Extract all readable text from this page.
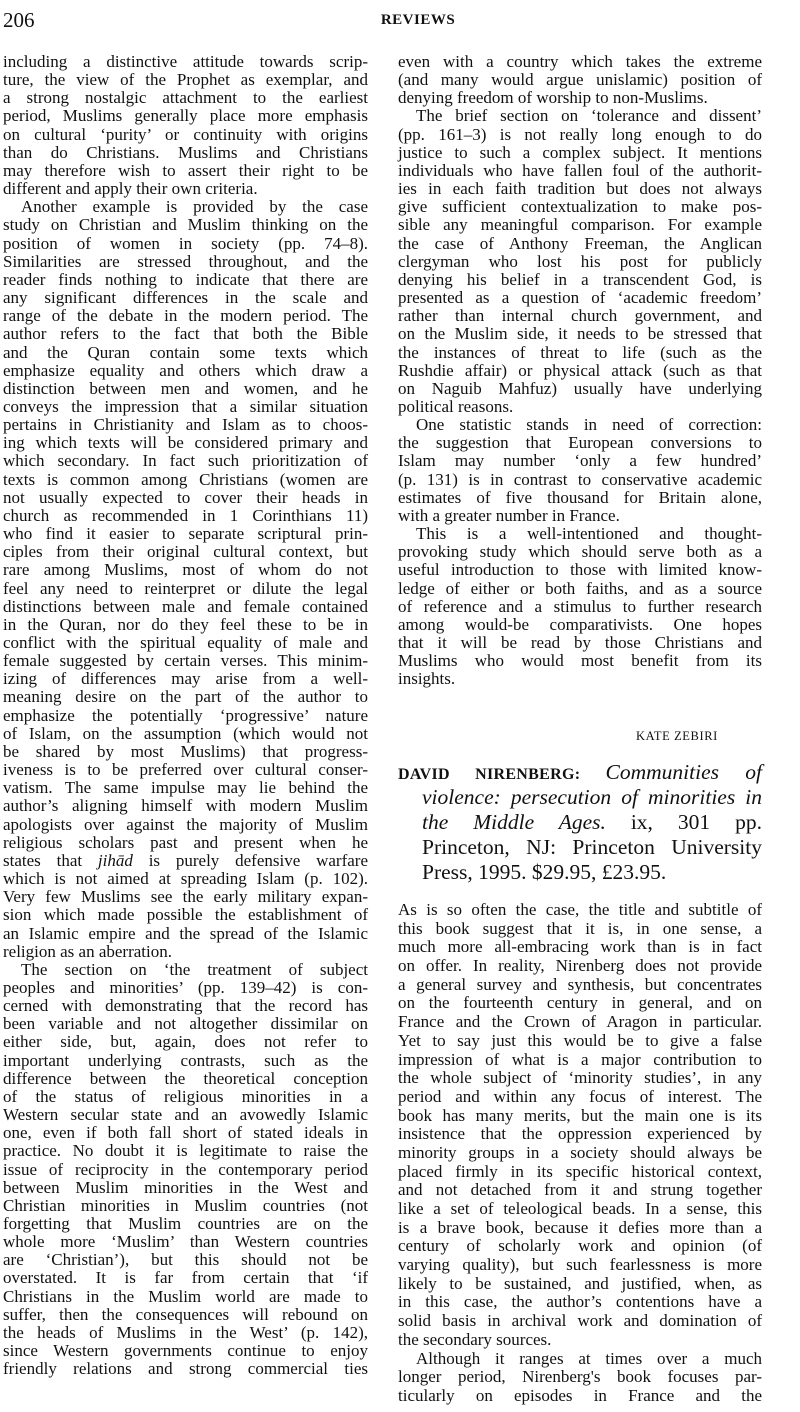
206	REVIEWS
including a distinctive attitude towards scrip-
ture, the view of the Prophet as exemplar, and
a strong nostalgic attachment to the earliest
period, Muslims generally place more emphasis
on cultural ‘purity’ or continuity with origins
than do Christians. Muslims and Christians
may therefore wish to assert their right to be
different and apply their own criteria.
Another example is provided by the case
study on Christian and Muslim thinking on the
position of women in society (pp. 74–8).
Similarities are stressed throughout, and the
reader finds nothing to indicate that there are
any significant differences in the scale and
range of the debate in the modern period. The
author refers to the fact that both the Bible
and the Quran contain some texts which
emphasize equality and others which draw a
distinction between men and women, and he
conveys the impression that a similar situation
pertains in Christianity and Islam as to choos-
ing which texts will be considered primary and
which secondary. In fact such prioritization of
texts is common among Christians (women are
not usually expected to cover their heads in
church as recommended in 1 Corinthians 11)
who find it easier to separate scriptural prin-
ciples from their original cultural context, but
rare among Muslims, most of whom do not
feel any need to reinterpret or dilute the legal
distinctions between male and female contained
in the Quran, nor do they feel these to be in
conflict with the spiritual equality of male and
female suggested by certain verses. This minim-
izing of differences may arise from a well-
meaning desire on the part of the author to
emphasize the potentially ‘progressive’ nature
of Islam, on the assumption (which would not
be shared by most Muslims) that progress-
iveness is to be preferred over cultural conser-
vatism. The same impulse may lie behind the
author’s aligning himself with modern Muslim
apologists over against the majority of Muslim
religious scholars past and present when he
states that jihād is purely defensive warfare
which is not aimed at spreading Islam (p. 102).
Very few Muslims see the early military expan-
sion which made possible the establishment of
an Islamic empire and the spread of the Islamic
religion as an aberration.
The section on ‘the treatment of subject
peoples and minorities’ (pp. 139–42) is con-
cerned with demonstrating that the record has
been variable and not altogether dissimilar on
either side, but, again, does not refer to
important underlying contrasts, such as the
difference between the theoretical conception
of the status of religious minorities in a
Western secular state and an avowedly Islamic
one, even if both fall short of stated ideals in
practice. No doubt it is legitimate to raise the
issue of reciprocity in the contemporary period
between Muslim minorities in the West and
Christian minorities in Muslim countries (not
forgetting that Muslim countries are on the
whole more ‘Muslim’ than Western countries
are ‘Christian’), but this should not be
overstated. It is far from certain that ‘if
Christians in the Muslim world are made to
suffer, then the consequences will rebound on
the heads of Muslims in the West’ (p. 142),
since Western governments continue to enjoy
friendly relations and strong commercial ties
even with a country which takes the extreme
(and many would argue unislamic) position of
denying freedom of worship to non-Muslims.
The brief section on ‘tolerance and dissent’
(pp. 161–3) is not really long enough to do
justice to such a complex subject. It mentions
individuals who have fallen foul of the authorit-
ies in each faith tradition but does not always
give sufficient contextualization to make pos-
sible any meaningful comparison. For example
the case of Anthony Freeman, the Anglican
clergyman who lost his post for publicly
denying his belief in a transcendent God, is
presented as a question of ‘academic freedom’
rather than internal church government, and
on the Muslim side, it needs to be stressed that
the instances of threat to life (such as the
Rushdie affair) or physical attack (such as that
on Naguib Mahfuz) usually have underlying
political reasons.
One statistic stands in need of correction:
the suggestion that European conversions to
Islam may number ‘only a few hundred’
(p. 131) is in contrast to conservative academic
estimates of five thousand for Britain alone,
with a greater number in France.
This is a well-intentioned and thought-
provoking study which should serve both as a
useful introduction to those with limited know-
ledge of either or both faiths, and as a source
of reference and a stimulus to further research
among would-be comparativists. One hopes
that it will be read by those Christians and
Muslims who would most benefit from its
insights.
KATE ZEBIRI
DAVID NIRENBERG: Communities of
violence: persecution of minorities in
the Middle Ages. ix, 301 pp.
Princeton, NJ: Princeton University
Press, 1995. $29.95, £23.95.
As is so often the case, the title and subtitle of
this book suggest that it is, in one sense, a
much more all-embracing work than is in fact
on offer. In reality, Nirenberg does not provide
a general survey and synthesis, but concentrates
on the fourteenth century in general, and on
France and the Crown of Aragon in particular.
Yet to say just this would be to give a false
impression of what is a major contribution to
the whole subject of ‘minority studies’, in any
period and within any focus of interest. The
book has many merits, but the main one is its
insistence that the oppression experienced by
minority groups in a society should always be
placed firmly in its specific historical context,
and not detached from it and strung together
like a set of teleological beads. In a sense, this
is a brave book, because it defies more than a
century of scholarly work and opinion (of
varying quality), but such fearlessness is more
likely to be sustained, and justified, when, as
in this case, the author’s contentions have a
solid basis in archival work and domination of
the secondary sources.
Although it ranges at times over a much
longer period, Nirenberg's book focuses par-
ticularly on episodes in France and the
